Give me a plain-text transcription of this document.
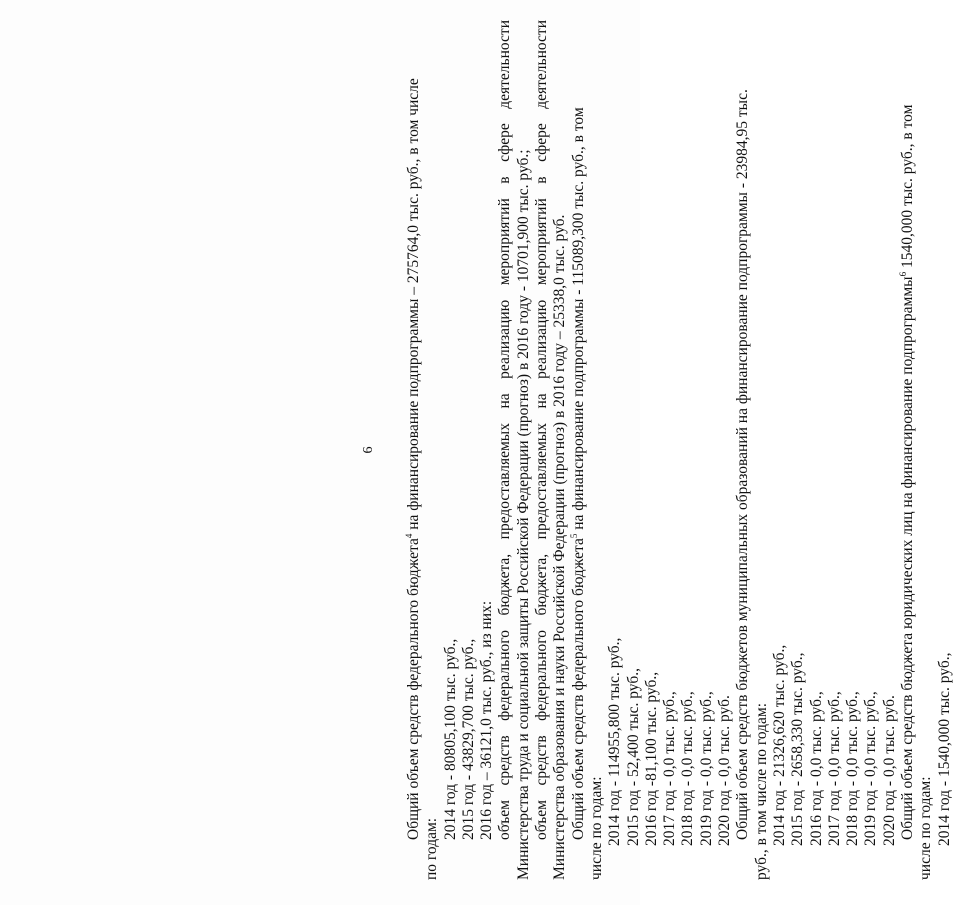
6
Общий объем средств федерального бюджета$^4$ на финансирование подпрограммы – 275764,0 тыс. руб., в том числе
по годам:
2014 год - 80805,100 тыс. руб., 2015 год - 43829,700 тыс. руб., 2016 год – 36121,0 тыс. руб., из них: объем средств федерального бюджета, предоставляемых на реализацию мероприятий в сфере деятельности Министерства труда и социальной защиты Российской Федерации (прогноз) в 2016 году - 10701,900 тыс. руб.; объем средств федерального бюджета, предоставляемых на реализацию мероприятий в сфере деятельности Министерства образования и науки Российской Федерации (прогноз) в 2016 году – 25338,0 тыс. руб. Общий объем средств федерального бюджета$^5$ на финансирование подпрограммы - 115089,300 тыс. руб., в том
числе по годам: 2014 год - 114955,800 тыс. руб., 2015 год - 52,400 тыс. руб., 2016 год -81,100 тыс. руб., 2017 год - 0,0 тыс. руб., 2018 год - 0,0 тыс. руб., 2019 год - 0,0 тыс. руб., 2020 год - 0,0 тыс. руб. Общий объем средств бюджетов муниципальных образований на финансирование подпрограммы - 23984,95 тыс. руб., в том числе по годам: 2014 год - 21326,620 тыс. руб., 2015 год - 2658,330 тыс. руб., 2016 год - 0,0 тыс. руб., 2017 год - 0,0 тыс. руб., 2018 год - 0,0 тыс. руб., 2019 год - 0,0 тыс. руб., 2020 год - 0,0 тыс. руб. Общий объем средств бюджета юридических лиц на финансирование подпрограммы$^6$ 1540,000 тыс. руб., в том
числе по годам: 2014 год - 1540,000 тыс. руб.,
